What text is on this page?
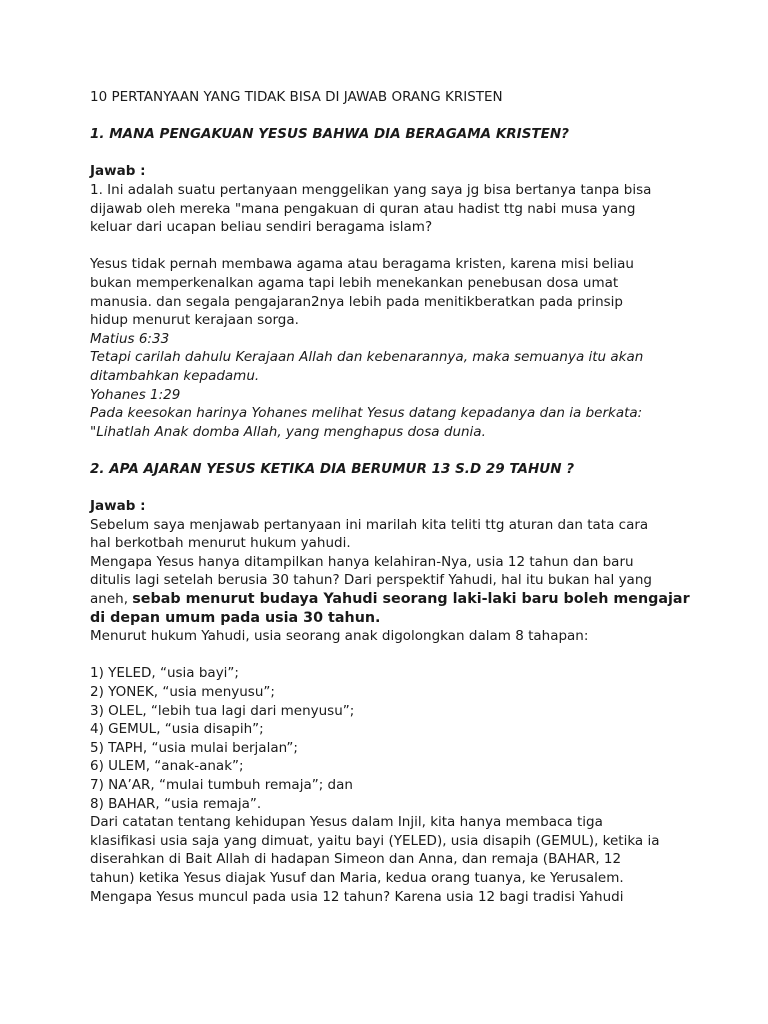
10 PERTANYAAN YANG TIDAK BISA DI JAWAB ORANG KRISTEN
1. MANA PENGAKUAN YESUS BAHWA DIA BERAGAMA KRISTEN?
Jawab :
1. Ini adalah suatu pertanyaan menggelikan yang saya jg bisa bertanya tanpa bisa
dijawab oleh mereka "mana pengakuan di quran atau hadist ttg nabi musa yang
keluar dari ucapan beliau sendiri beragama islam?
Yesus tidak pernah membawa agama atau beragama kristen, karena misi beliau
bukan memperkenalkan agama tapi lebih menekankan penebusan dosa umat
manusia. dan segala pengajaran2nya lebih pada menitikberatkan pada prinsip
hidup menurut kerajaan sorga.
Matius 6:33
Tetapi carilah dahulu Kerajaan Allah dan kebenarannya, maka semuanya itu akan
ditambahkan kepadamu.
Yohanes 1:29
Pada keesokan harinya Yohanes melihat Yesus datang kepadanya dan ia berkata:
"Lihatlah Anak domba Allah, yang menghapus dosa dunia.
2. APA AJARAN YESUS KETIKA DIA BERUMUR 13 S.D 29 TAHUN ?
Jawab :
Sebelum saya menjawab pertanyaan ini marilah kita teliti ttg aturan dan tata cara
hal berkotbah menurut hukum yahudi.
Mengapa Yesus hanya ditampilkan hanya kelahiran-Nya, usia 12 tahun dan baru
ditulis lagi setelah berusia 30 tahun? Dari perspektif Yahudi, hal itu bukan hal yang
aneh, sebab menurut budaya Yahudi seorang laki-laki baru boleh mengajar
di depan umum pada usia 30 tahun.
Menurut hukum Yahudi, usia seorang anak digolongkan dalam 8 tahapan:
1) YELED, “usia bayi”;
2) YONEK, “usia menyusu”;
3) OLEL, “lebih tua lagi dari menyusu”;
4) GEMUL, “usia disapih”;
5) TAPH, “usia mulai berjalan”;
6) ULEM, “anak-anak”;
7) NA’AR, “mulai tumbuh remaja”; dan
8) BAHAR, “usia remaja”.
Dari catatan tentang kehidupan Yesus dalam Injil, kita hanya membaca tiga
klasifikasi usia saja yang dimuat, yaitu bayi (YELED), usia disapih (GEMUL), ketika ia
diserahkan di Bait Allah di hadapan Simeon dan Anna, dan remaja (BAHAR, 12
tahun) ketika Yesus diajak Yusuf dan Maria, kedua orang tuanya, ke Yerusalem.
Mengapa Yesus muncul pada usia 12 tahun? Karena usia 12 bagi tradisi Yahudi
